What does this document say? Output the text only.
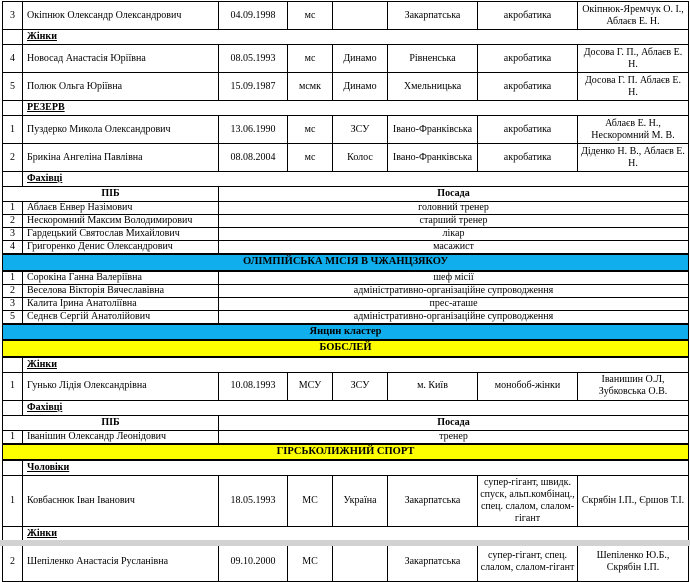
3	Окіпнюк Олександр Олександрович	04.09.1998	мс		Закарпатська	акробатика	Окіпнюк-Яремчук О. І., Аблаєв Е. Н.
	Жінки						
4	Новосад Анастасія Юріївна	08.05.1993	мс	Динамо	Рівненська	акробатика	Досова Г. П., Аблаєв Е. Н.
5	Полюк Ольга Юріївна	15.09.1987	мсмк	Динамо	Хмельницька	акробатика	Досова Г. П. Аблаєв Е. Н.
	РЕЗЕРВ						
1	Пуздерко Микола Олександрович	13.06.1990	мс	ЗСУ	Івано-Франківська	акробатика	Аблаєв Е. Н., Нескоромний М. В.
2	Брикіна Ангеліна Павлівна	08.08.2004	мс	Колос	Івано-Франківська	акробатика	Діденко Н. В., Аблаєв Е. Н.
	Фахівці						
ПІБ		Посада					
1	Аблаєв Енвер Назімович	головний тренер					
2	Нескоромний Максим Володимирович	старший тренер					
3	Гардецький Святослав Михайлович	лікар					
4	Григоренко Денис Олександрович	масажист					
ОЛІМПІЙСЬКА МІСІЯ В ЧЖАНЦЗЯКОУ							
1	Сорокіна Ганна Валеріївна	шеф місії					
2	Веселова Вікторія Вячеславівна	адміністративно-організаційне супроводження					
3	Калита Ірина Анатоліївна	прес-аташе					
5	Седнєв Сергій Анатолійович	адміністративно-організаційне супроводження					
Янцин кластер							
БОБСЛЕЙ							
	Жінки						
1	Гунько Лідія Олександрівна	10.08.1993	МСУ	ЗСУ	м. Київ	монобоб-жінки	Іванишин О.Л, Зубковська О.В.
	Фахівці						
ПІБ		Посада					
1	Іванішин Олександр Леонідович	тренер					
ГІРСЬКОЛИЖНИЙ СПОРТ							
	Чоловіки						
1	Ковбаснюк Іван Іванович	18.05.1993	МС	Україна	Закарпатська	супер-гігант, швидк. спуск, альп.комбінац., спец. слалом, слалом-гігант	Скрябін І.П., Єршов Т.І.
	Жінки						
2	Шепіленко Анастасія Русланівна	09.10.2000	МС		Закарпатська	супер-гігант, спец. слалом, слалом-гігант	Шепіленко Ю.Б., Скрябін І.П.
